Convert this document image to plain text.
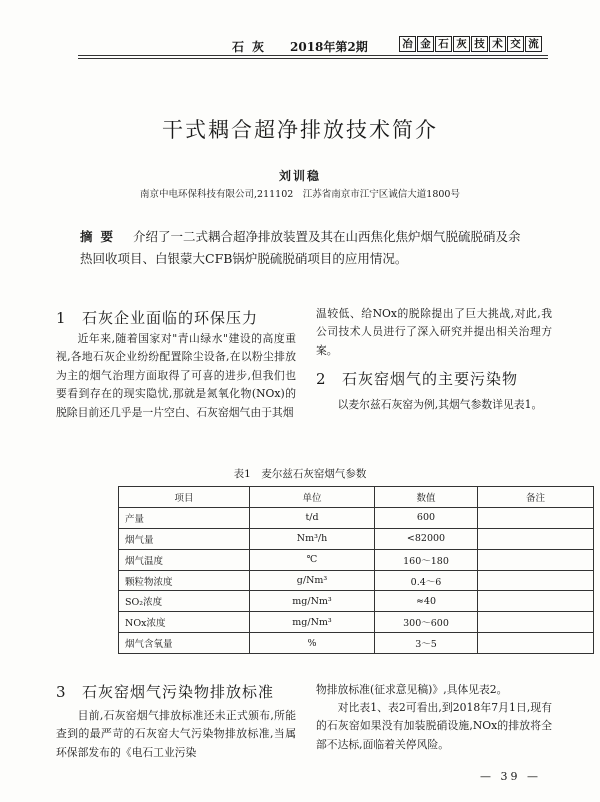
石灰 2018年第2期	冶 金 石 灰 技 术 交 流
干式耦合超净排放技术简介
刘训稳
南京中电环保科技有限公司,211102　江苏省南京市江宁区诚信大道1800号
摘要 介绍了一二式耦合超净排放装置及其在山西焦化焦炉烟气脱硫脱硝及余热回收项目、白银蒙大CFB锅炉脱硫脱硝项目的应用情况。
1 石灰企业面临的环保压力
近年来,随着国家对"青山绿水"建设的高度重视,各地石灰企业纷纷配置除尘设备,在以粉尘排放为主的烟气治理方面取得了可喜的进步,但我们也要看到存在的现实隐忧,那就是氮氧化物(NOx)的脱除目前还几乎是一片空白、石灰窑烟气由于其烟
温较低、给NOx的脱除提出了巨大挑战,对此,我公司技术人员进行了深入研究并提出相关治理方案。
2 石灰窑烟气的主要污染物
以麦尔兹石灰窑为例,其烟气参数详见表1。
表1　麦尔兹石灰窑烟气参数
项目	单位	数值	备注
产量	t/d	600	
烟气量	Nm³/h	<82000	
烟气温度	℃	160～180	
颗粒物浓度	g/Nm³	0.4～6	
SO₂浓度	mg/Nm³	≈40	
NOx浓度	mg/Nm³	300～600	
烟气含氧量	%	3～5	
3 石灰窑烟气污染物排放标准
目前,石灰窑烟气排放标准还未正式颁布,所能查到的最严苛的石灰窑大气污染物排放标准,当属环保部发布的《电石工业污染
物排放标准(征求意见稿)》,具体见表2。
对比表1、表2可看出,到2018年7月1日,现有的石灰窑如果没有加装脱硝设施,NOx的排放将全部不达标,面临着关停风险。
— 39 —
